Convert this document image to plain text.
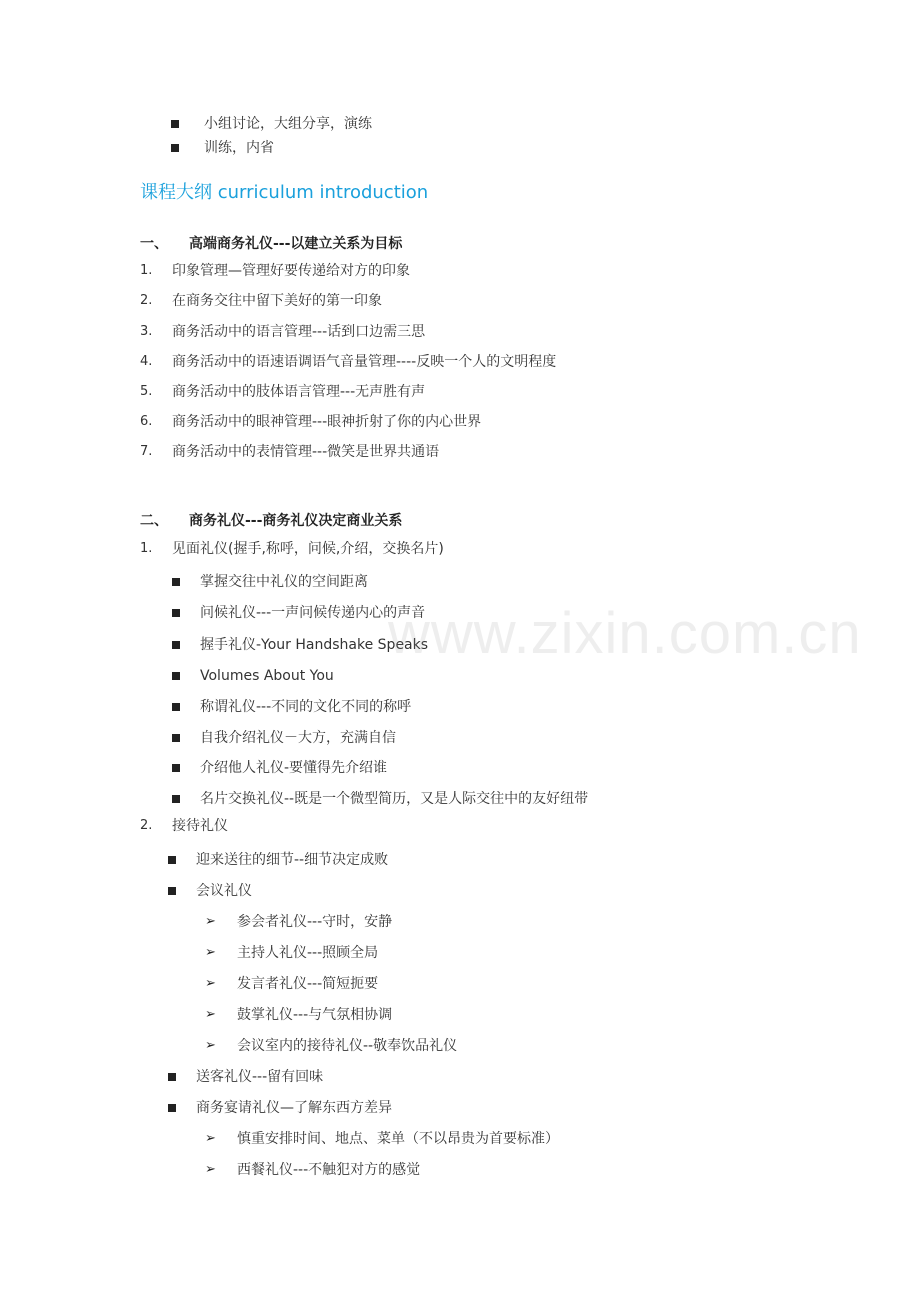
小组讨论，大组分享，演练
训练，内省
课程大纲 curriculum introduction
一、 高端商务礼仪---以建立关系为目标
1. 印象管理—管理好要传递给对方的印象
2. 在商务交往中留下美好的第一印象
3. 商务活动中的语言管理---话到口边需三思
4. 商务活动中的语速语调语气音量管理----反映一个人的文明程度
5. 商务活动中的肢体语言管理---无声胜有声
6. 商务活动中的眼神管理---眼神折射了你的内心世界
7. 商务活动中的表情管理---微笑是世界共通语
二、 商务礼仪---商务礼仪决定商业关系
1. 见面礼仪(握手,称呼，问候,介绍，交换名片)
掌握交往中礼仪的空间距离
问候礼仪---一声问候传递内心的声音
握手礼仪-Your Handshake Speaks
Volumes About You
称谓礼仪---不同的文化不同的称呼
自我介绍礼仪－大方，充满自信
介绍他人礼仪-要懂得先介绍谁
名片交换礼仪--既是一个微型简历，又是人际交往中的友好纽带
2. 接待礼仪
迎来送往的细节--细节决定成败
会议礼仪
➢ 参会者礼仪---守时，安静
➢ 主持人礼仪---照顾全局
➢ 发言者礼仪---简短扼要
➢ 鼓掌礼仪---与气氛相协调
➢ 会议室内的接待礼仪--敬奉饮品礼仪
送客礼仪---留有回味
商务宴请礼仪—了解东西方差异
➢ 慎重安排时间、地点、菜单（不以昂贵为首要标准）
➢ 西餐礼仪---不触犯对方的感觉
www.zixin.com.cn
